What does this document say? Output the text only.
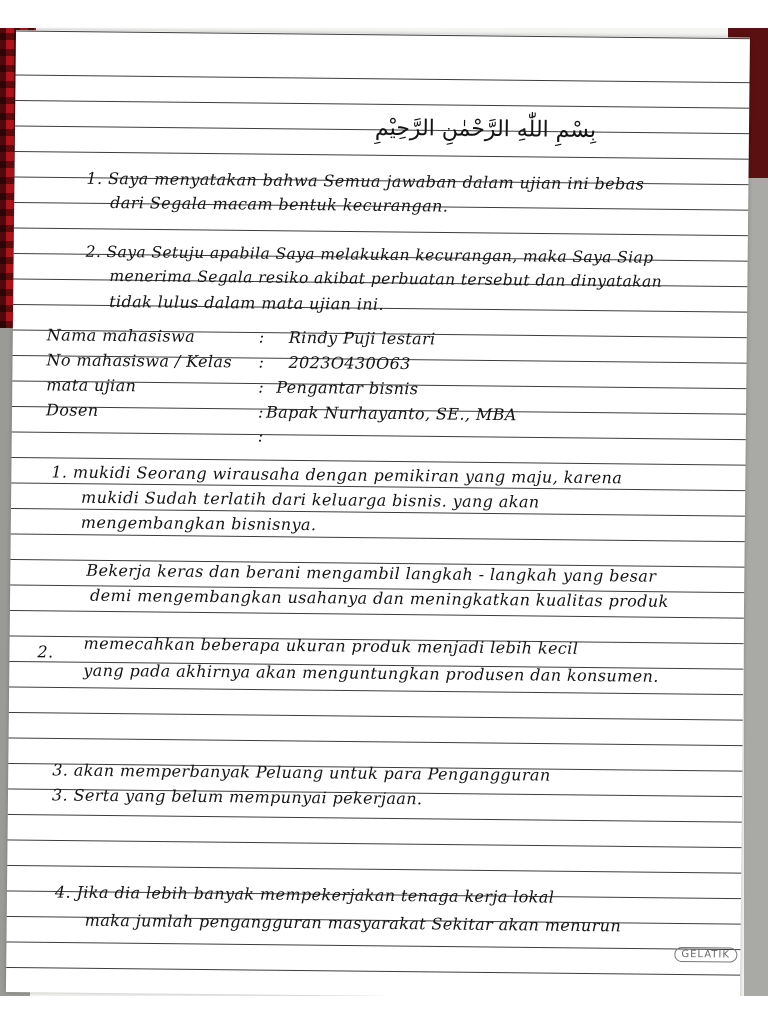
بِسْمِ اللّٰهِ الرَّحْمٰنِ الرَّحِيْمِ
1. Saya menyatakan bahwa Semua jawaban dalam ujian ini bebas
dari Segala macam bentuk kecurangan.
2. Saya Setuju apabila Saya melakukan kecurangan, maka Saya Siap
menerima Segala resiko akibat perbuatan tersebut dan dinyatakan
tidak lulus dalam mata ujian ini.
Nama mahasiswa	: Rindy Puji lestari
No mahasiswa / Kelas : 2023O430O63
mata ujian	: Pengantar bisnis
Dosen	: Bapak Nurhayanto, SE., MBA
:
1. mukidi Seorang wirausaha dengan pemikiran yang maju, karena
mukidi Sudah terlatih dari keluarga bisnis. yang akan
mengembangkan bisnisnya.
Bekerja keras dan berani mengambil langkah - langkah yang besar
demi mengembangkan usahanya dan meningkatkan kualitas produk
2. memecahkan beberapa ukuran produk menjadi lebih kecil
yang pada akhirnya akan menguntungkan produsen dan konsumen.
3. akan memperbanyak Peluang untuk para Pengangguran
3. Serta yang belum mempunyai pekerjaan.
4. Jika dia lebih banyak mempekerjakan tenaga kerja lokal
maka jumlah pengangguran masyarakat Sekitar akan menurun
GELATIK
